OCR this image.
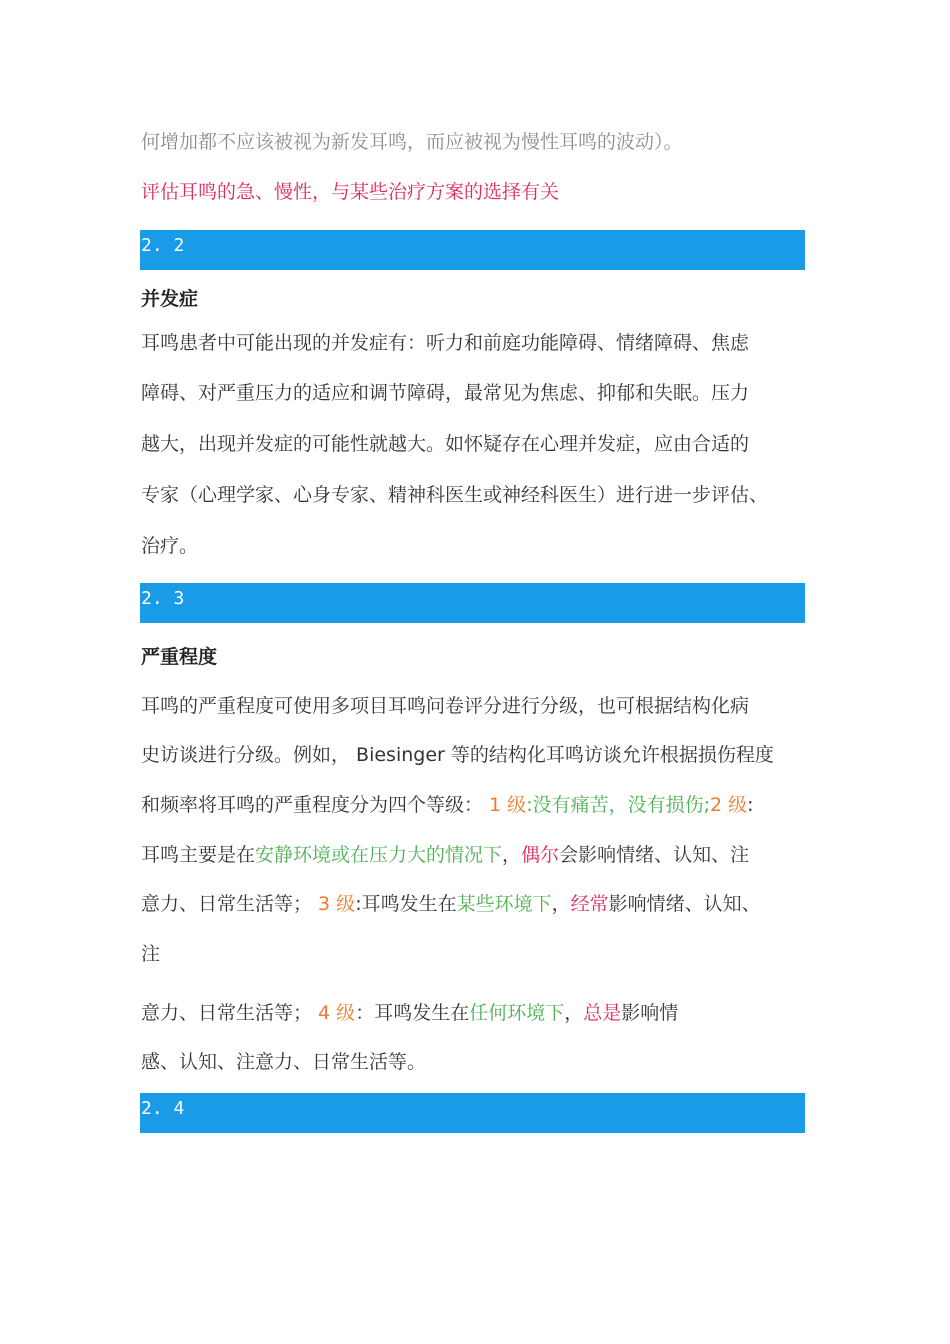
何增加都不应该被视为新发耳鸣，而应被视为慢性耳鸣的波动）。
评估耳鸣的急、慢性，与某些治疗方案的选择有关
2. 2
并发症
耳鸣患者中可能出现的并发症有：听力和前庭功能障碍、情绪障碍、焦虑
障碍、对严重压力的适应和调节障碍，最常见为焦虑、抑郁和失眠。压力
越大，出现并发症的可能性就越大。如怀疑存在心理并发症，应由合适的
专家（心理学家、心身专家、精神科医生或神经科医生）进行进一步评估、
治疗。
2. 3
严重程度
耳鸣的严重程度可使用多项目耳鸣问卷评分进行分级，也可根据结构化病
史访谈进行分级。例如， Biesinger 等的结构化耳鸣访谈允许根据损伤程度
和频率将耳鸣的严重程度分为四个等级： 1 级:没有痛苦，没有损伤;2 级:
耳鸣主要是在安静环境或在压力大的情况下，偶尔会影响情绪、认知、注
意力、日常生活等； 3 级:耳鸣发生在某些环境下，经常影响情绪、认知、
注
意力、日常生活等； 4 级：耳鸣发生在任何环境下，总是影响情
感、认知、注意力、日常生活等。
2. 4
